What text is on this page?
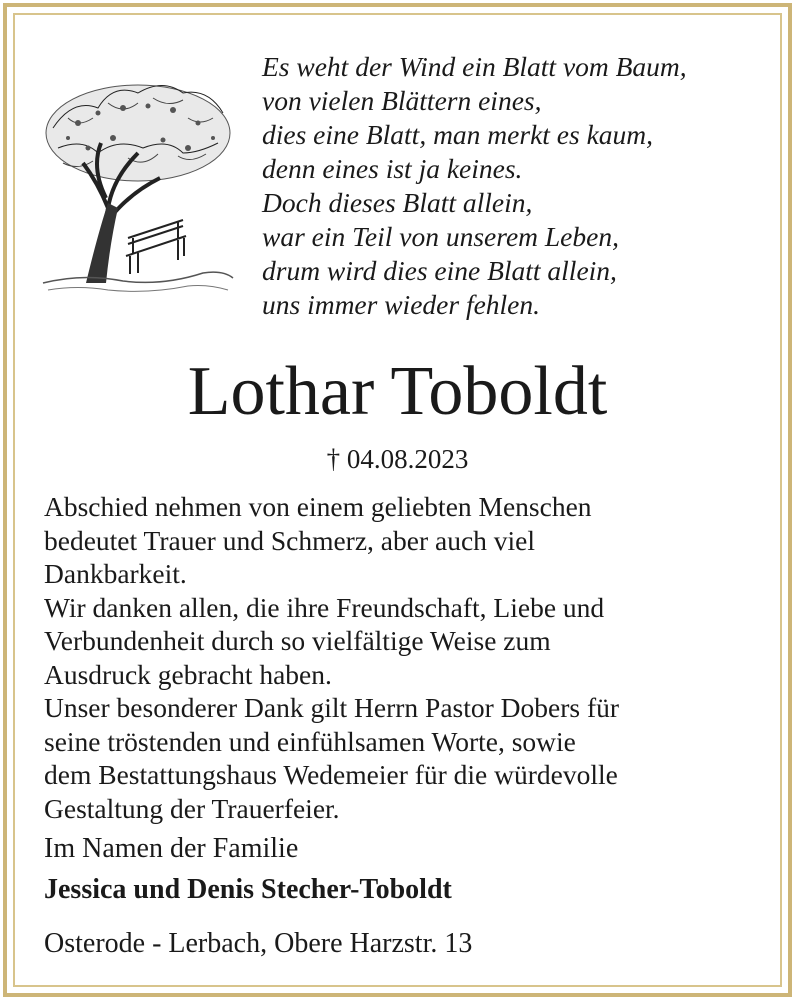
Es weht der Wind ein Blatt vom Baum,
von vielen Blättern eines,
dies eine Blatt, man merkt es kaum,
denn eines ist ja keines.
Doch dieses Blatt allein,
war ein Teil von unserem Leben,
drum wird dies eine Blatt allein,
uns immer wieder fehlen.
Lothar Toboldt
† 04.08.2023
Abschied nehmen von einem geliebten Menschen
bedeutet Trauer und Schmerz, aber auch viel
Dankbarkeit.
Wir danken allen, die ihre Freundschaft, Liebe und
Verbundenheit durch so vielfältige Weise zum
Ausdruck gebracht haben.
Unser besonderer Dank gilt Herrn Pastor Dobers für
seine tröstenden und einfühlsamen Worte, sowie
dem Bestattungshaus Wedemeier für die würdevolle
Gestaltung der Trauerfeier.
Im Namen der Familie
Jessica und Denis Stecher-Toboldt
Osterode - Lerbach, Obere Harzstr. 13
